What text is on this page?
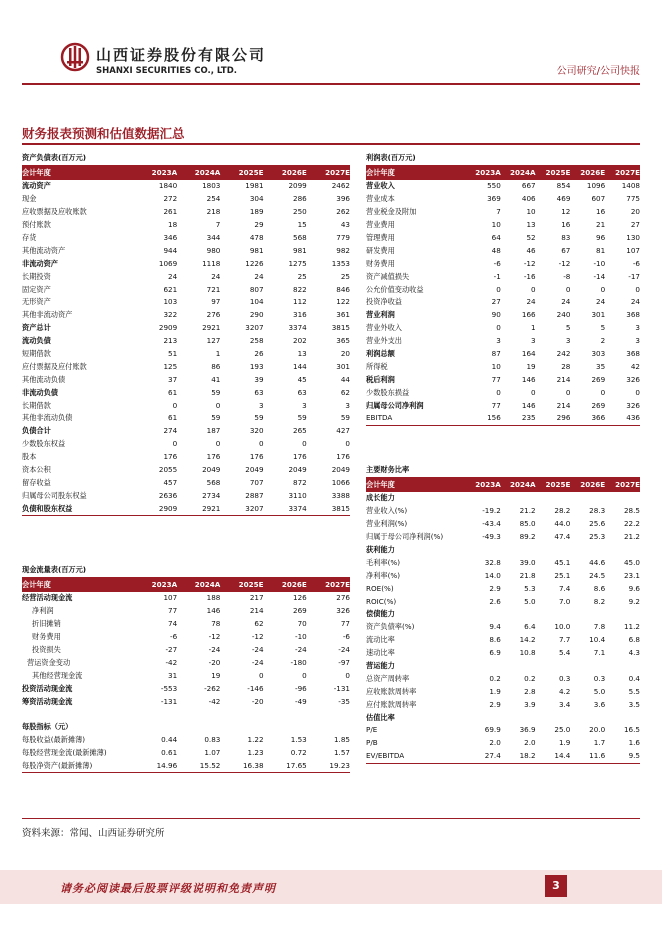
山西证券股份有限公司
SHANXI SECURITIES CO., LTD.	公司研究/公司快报
财务报表预测和估值数据汇总
资产负债表(百万元)
会计年度	2023A	2024A	2025E	2026E	2027E
流动资产	1840	1803	1981	2099	2462
现金	272	254	304	286	396
应收票据及应收账款	261	218	189	250	262
预付账款	18	7	29	15	43
存货	346	344	478	568	779
其他流动资产	944	980	981	981	982
非流动资产	1069	1118	1226	1275	1353
长期投资	24	24	24	25	25
固定资产	621	721	807	822	846
无形资产	103	97	104	112	122
其他非流动资产	322	276	290	316	361
资产总计	2909	2921	3207	3374	3815
流动负债	213	127	258	202	365
短期借款	51	1	26	13	20
应付票据及应付账款	125	86	193	144	301
其他流动负债	37	41	39	45	44
非流动负债	61	59	63	63	62
长期借款	0	0	3	3	3
其他非流动负债	61	59	59	59	59
负债合计	274	187	320	265	427
少数股东权益	0	0	0	0	0
股本	176	176	176	176	176
资本公积	2055	2049	2049	2049	2049
留存收益	457	568	707	872	1066
归属母公司股东权益	2636	2734	2887	3110	3388
负债和股东权益	2909	2921	3207	3374	3815
现金流量表(百万元)
会计年度	2023A	2024A	2025E	2026E	2027E
经营活动现金流	107	188	217	126	276
净利润	77	146	214	269	326
折旧摊销	74	78	62	70	77
财务费用	-6	-12	-12	-10	-6
投资损失	-27	-24	-24	-24	-24
营运资金变动	-42	-20	-24	-180	-97
其他经营现金流	31	19	0	0	0
投资活动现金流	-553	-262	-146	-96	-131
筹资活动现金流	-131	-42	-20	-49	-35

每股指标（元）					
每股收益(最新摊薄)	0.44	0.83	1.22	1.53	1.85
每股经营现金流(最新摊薄)	0.61	1.07	1.23	0.72	1.57
每股净资产(最新摊薄)	14.96	15.52	16.38	17.65	19.23
利润表(百万元)
会计年度	2023A	2024A	2025E	2026E	2027E
营业收入	550	667	854	1096	1408
营业成本	369	406	469	607	775
营业税金及附加	7	10	12	16	20
营业费用	10	13	16	21	27
管理费用	64	52	83	96	130
研发费用	48	46	67	81	107
财务费用	-6	-12	-12	-10	-6
资产减值损失	-1	-16	-8	-14	-17
公允价值变动收益	0	0	0	0	0
投资净收益	27	24	24	24	24
营业利润	90	166	240	301	368
营业外收入	0	1	5	5	3
营业外支出	3	3	3	2	3
利润总额	87	164	242	303	368
所得税	10	19	28	35	42
税后利润	77	146	214	269	326
少数股东损益	0	0	0	0	0
归属母公司净利润	77	146	214	269	326
EBITDA	156	235	296	366	436
主要财务比率
会计年度	2023A	2024A	2025E	2026E	2027E
成长能力					
营业收入(%)	-19.2	21.2	28.2	28.3	28.5
营业利润(%)	-43.4	85.0	44.0	25.6	22.2
归属于母公司净利润(%)	-49.3	89.2	47.4	25.3	21.2
获利能力					
毛利率(%)	32.8	39.0	45.1	44.6	45.0
净利率(%)	14.0	21.8	25.1	24.5	23.1
ROE(%)	2.9	5.3	7.4	8.6	9.6
ROIC(%)	2.6	5.0	7.0	8.2	9.2
偿债能力					
资产负债率(%)	9.4	6.4	10.0	7.8	11.2
流动比率	8.6	14.2	7.7	10.4	6.8
速动比率	6.9	10.8	5.4	7.1	4.3
营运能力					
总资产周转率	0.2	0.2	0.3	0.3	0.4
应收账款周转率	1.9	2.8	4.2	5.0	5.5
应付账款周转率	2.9	3.9	3.4	3.6	3.5
估值比率					
P/E	69.9	36.9	25.0	20.0	16.5
P/B	2.0	2.0	1.9	1.7	1.6
EV/EBITDA	27.4	18.2	14.4	11.6	9.5
资料来源：常闻、山西证券研究所
请务必阅读最后股票评级说明和免责声明	3
